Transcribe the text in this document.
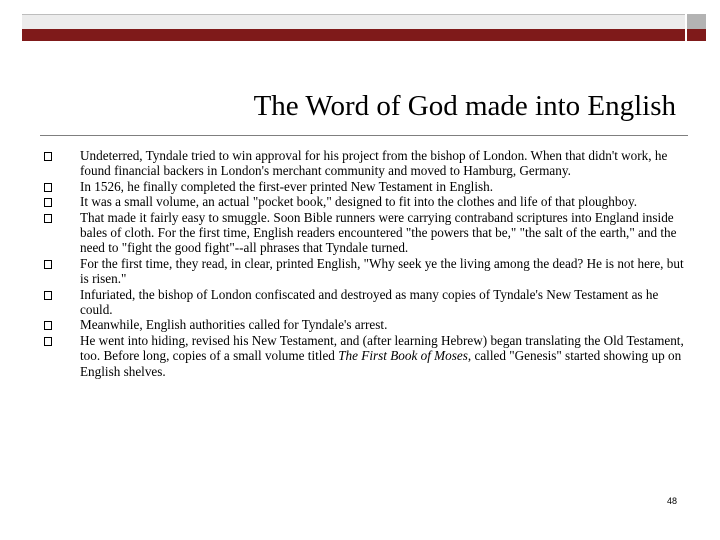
The Word of God made into English
Undeterred, Tyndale tried to win approval for his project from the bishop of London. When that didn't work, he found financial backers in London's merchant community and moved to Hamburg, Germany.
In 1526, he finally completed the first-ever printed New Testament in English.
It was a small volume, an actual "pocket book," designed to fit into the clothes and life of that ploughboy.
That made it fairly easy to smuggle. Soon Bible runners were carrying contraband scriptures into England inside bales of cloth. For the first time, English readers encountered "the powers that be," "the salt of the earth," and the need to "fight the good fight"--all phrases that Tyndale turned.
For the first time, they read, in clear, printed English, "Why seek ye the living among the dead? He is not here, but is risen."
Infuriated, the bishop of London confiscated and destroyed as many copies of Tyndale's New Testament as he could.
Meanwhile, English authorities called for Tyndale's arrest.
He went into hiding, revised his New Testament, and (after learning Hebrew) began translating the Old Testament, too. Before long, copies of a small volume titled The First Book of Moses, called "Genesis" started showing up on English shelves.
48
